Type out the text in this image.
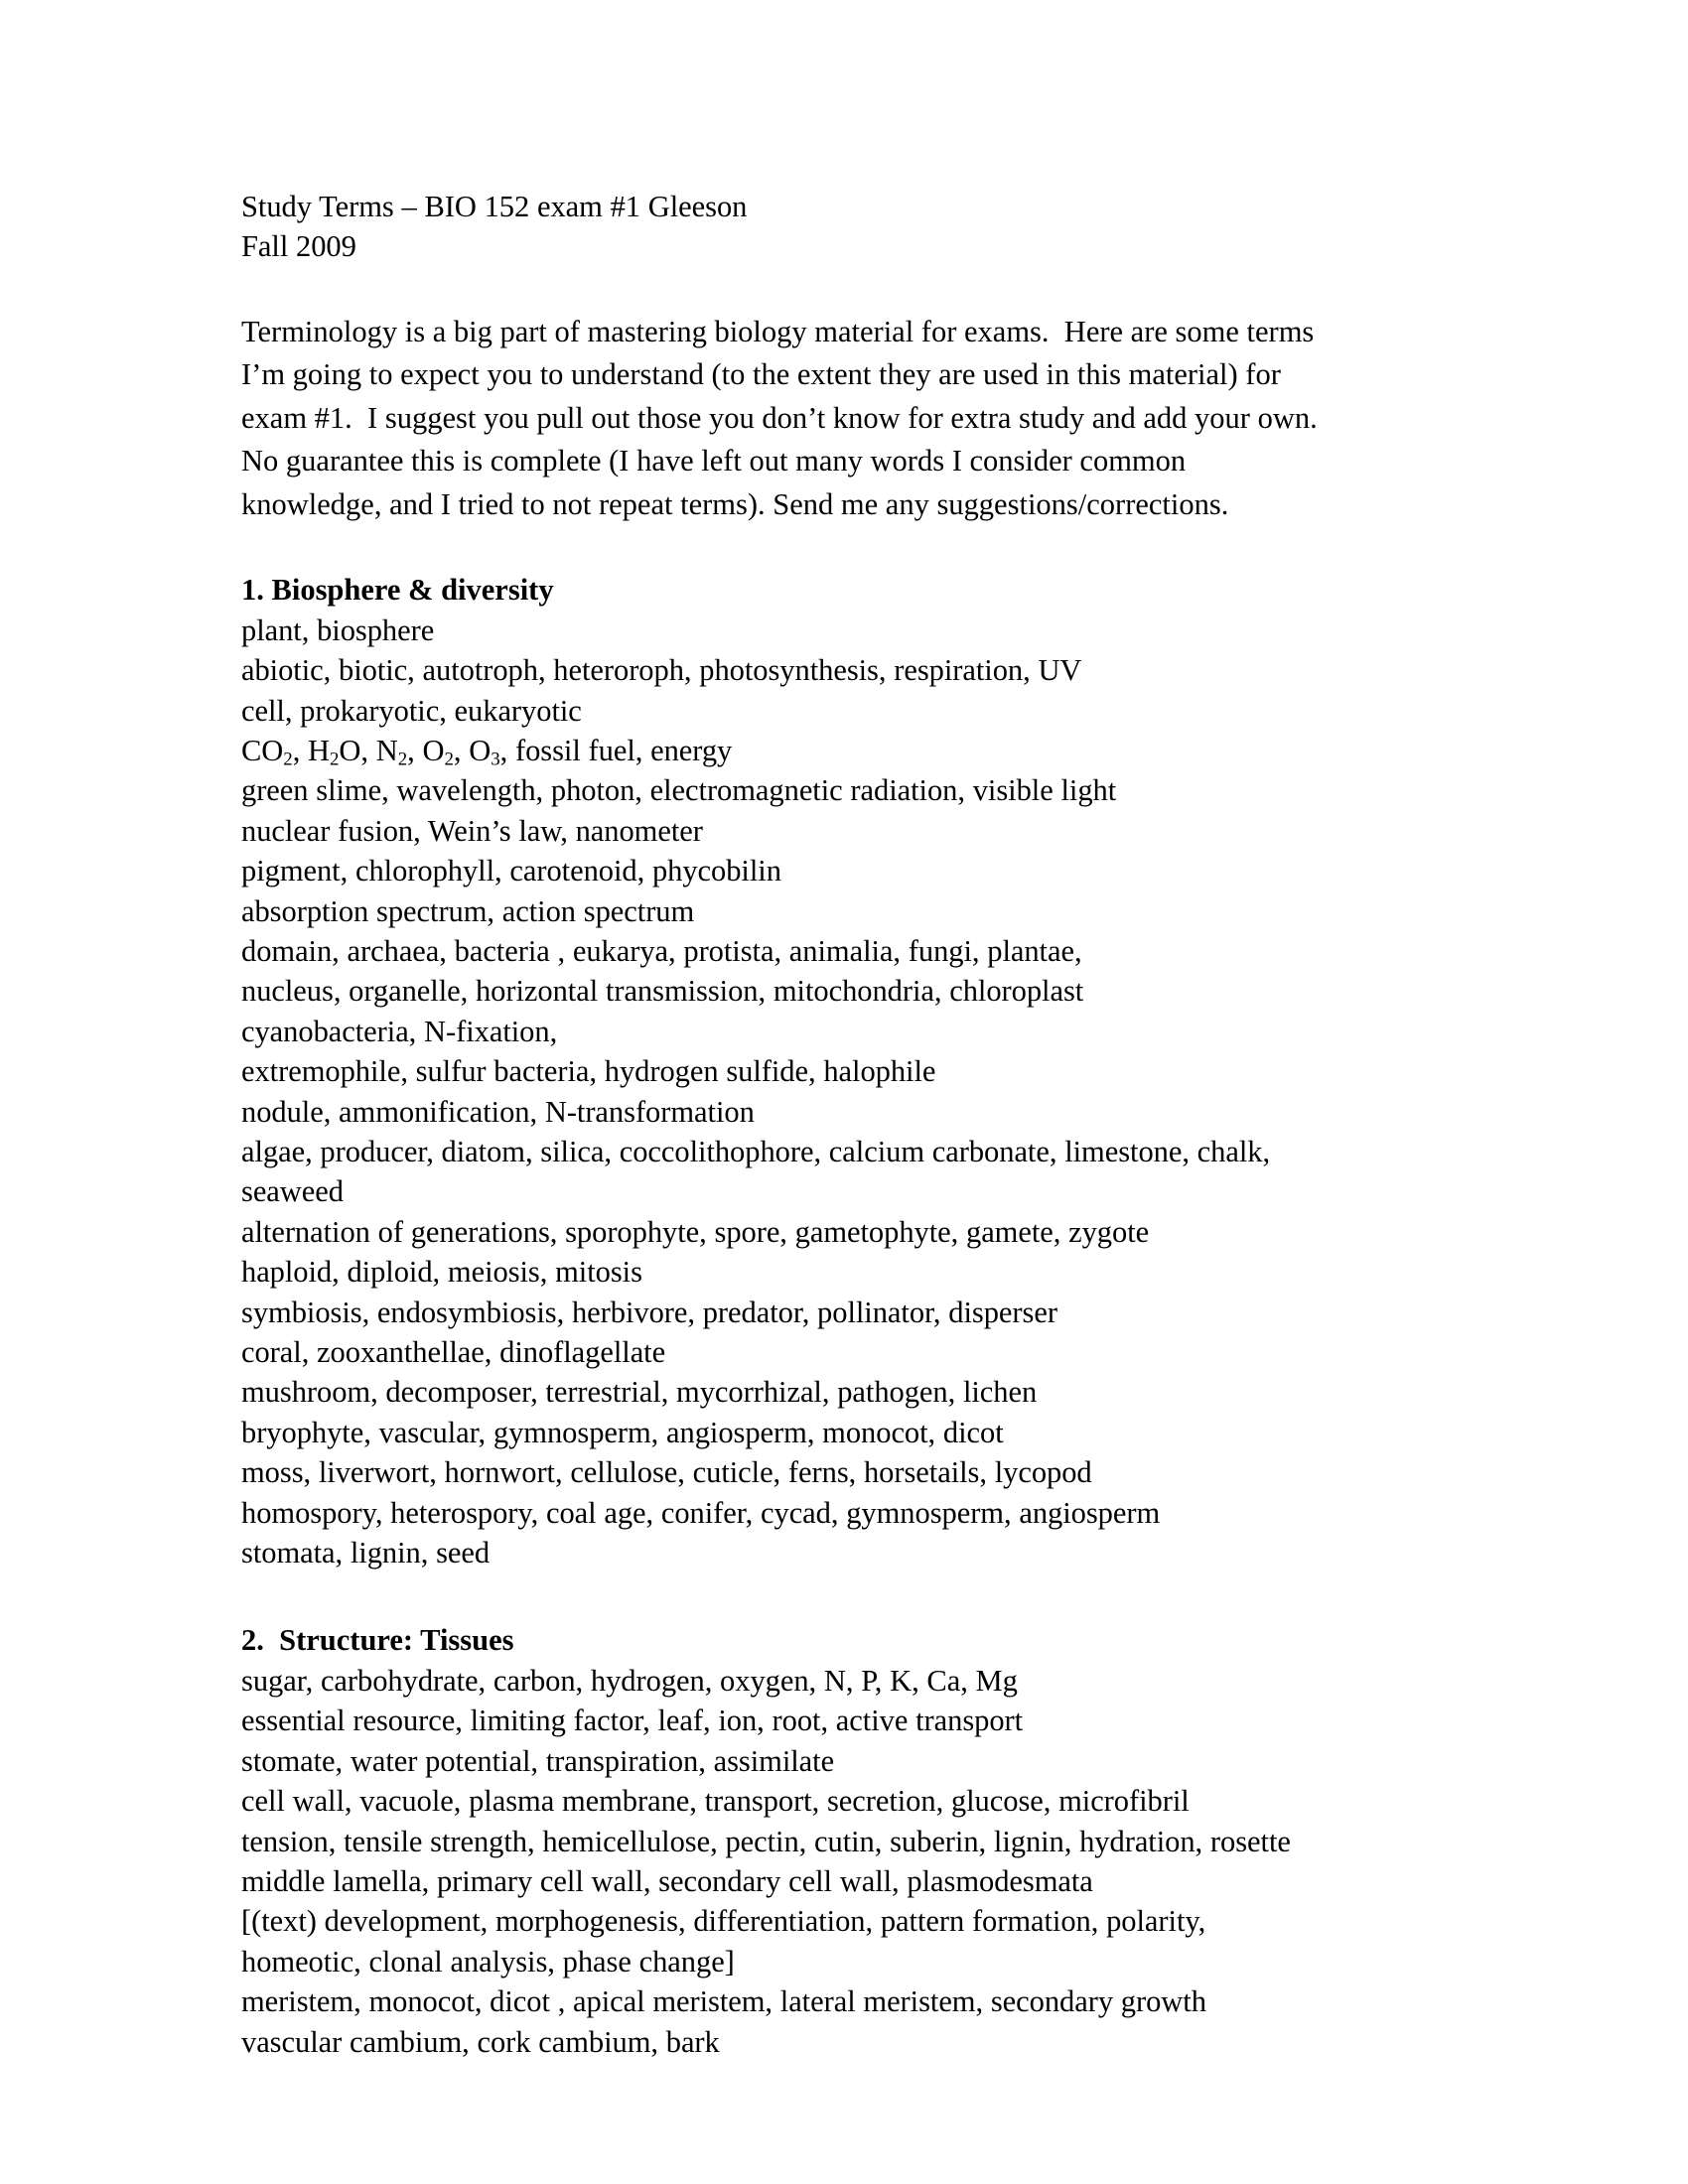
Study Terms – BIO 152 exam #1 Gleeson
Fall 2009
Terminology is a big part of mastering biology material for exams.  Here are some terms
I’m going to expect you to understand (to the extent they are used in this material) for
exam #1.  I suggest you pull out those you don’t know for extra study and add your own.
No guarantee this is complete (I have left out many words I consider common
knowledge, and I tried to not repeat terms). Send me any suggestions/corrections.
1. Biosphere & diversity
plant, biosphere
abiotic, biotic, autotroph, heteroroph, photosynthesis, respiration, UV
cell, prokaryotic, eukaryotic
$CO_2$, $H_2O$, $N_2$, $O_2$, $O_3$, fossil fuel, energy
green slime, wavelength, photon, electromagnetic radiation, visible light
nuclear fusion, Wein’s law, nanometer
pigment, chlorophyll, carotenoid, phycobilin
absorption spectrum, action spectrum
domain, archaea, bacteria , eukarya, protista, animalia, fungi, plantae,
nucleus, organelle, horizontal transmission, mitochondria, chloroplast
cyanobacteria, N-fixation,
extremophile, sulfur bacteria, hydrogen sulfide, halophile
nodule, ammonification, N-transformation
algae, producer, diatom, silica, coccolithophore, calcium carbonate, limestone, chalk,
seaweed
alternation of generations, sporophyte, spore, gametophyte, gamete, zygote
haploid, diploid, meiosis, mitosis
symbiosis, endosymbiosis, herbivore, predator, pollinator, disperser
coral, zooxanthellae, dinoflagellate
mushroom, decomposer, terrestrial, mycorrhizal, pathogen, lichen
bryophyte, vascular, gymnosperm, angiosperm, monocot, dicot
moss, liverwort, hornwort, cellulose, cuticle, ferns, horsetails, lycopod
homospory, heterospory, coal age, conifer, cycad, gymnosperm, angiosperm
stomata, lignin, seed
2.  Structure: Tissues
sugar, carbohydrate, carbon, hydrogen, oxygen, N, P, K, Ca, Mg
essential resource, limiting factor, leaf, ion, root, active transport
stomate, water potential, transpiration, assimilate
cell wall, vacuole, plasma membrane, transport, secretion, glucose, microfibril
tension, tensile strength, hemicellulose, pectin, cutin, suberin, lignin, hydration, rosette
middle lamella, primary cell wall, secondary cell wall, plasmodesmata
[(text) development, morphogenesis, differentiation, pattern formation, polarity,
homeotic, clonal analysis, phase change]
meristem, monocot, dicot , apical meristem, lateral meristem, secondary growth
vascular cambium, cork cambium, bark
